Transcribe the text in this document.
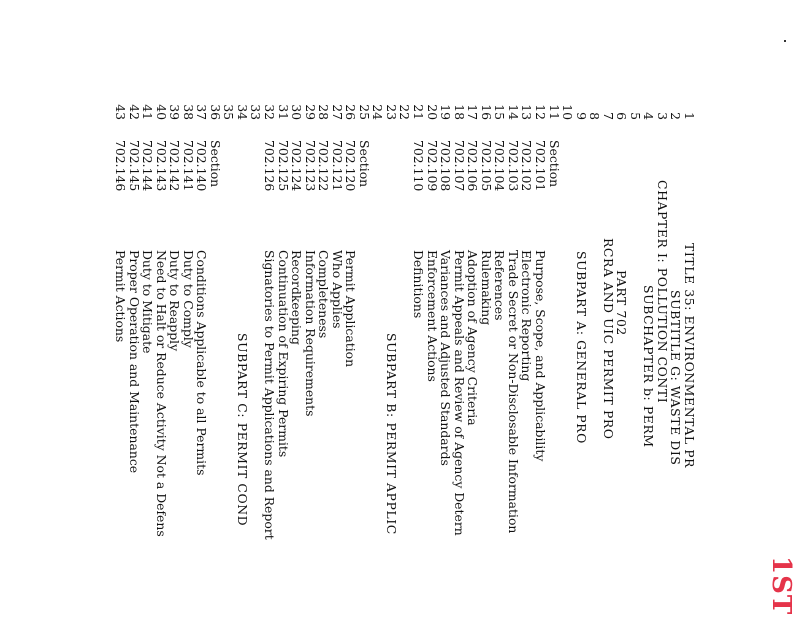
TITLE 35: ENVIRONMENTAL PR
SUBTITLE G: WASTE DIS
CHAPTER I: POLLUTION CONTI
SUBCHAPTER b: PERM
PART 702
RCRA AND UIC PERMIT PRO
SUBPART A: GENERAL PRO
1
2
3
4
5
6
7
8
9
10
11
12
13
14
15
16
17
18
19
20
21
22
23
24
25
26
27
28
29
30
31
32
33
34
35
36
37
38
39
40
41
42
43
Section
702.101
Purpose, Scope, and Applicability
702.102
Electronic Reporting
702.103
Trade Secret or Non-Disclosable Information
702.104
References
702.105
Rulemaking
702.106
Adoption of Agency Criteria
702.107
Permit Appeals and Review of Agency Detern
702.108
Variances and Adjusted Standards
702.109
Enforcement Actions
702.110
Definitions
SUBPART B: PERMIT APPLIC
Section
702.120
Permit Application
702.121
Who Applies
702.122
Completeness
702.123
Information Requirements
702.124
Recordkeeping
702.125
Continuation of Expiring Permits
702.126
Signatories to Permit Applications and Report
SUBPART C: PERMIT COND
Section
702.140
Conditions Applicable to all Permits
702.141
Duty to Comply
702.142
Duty to Reapply
702.143
Need to Halt or Reduce Activity Not a Defens
702.144
Duty to Mitigate
702.145
Proper Operation and Maintenance
702.146
Permit Actions
1ST
